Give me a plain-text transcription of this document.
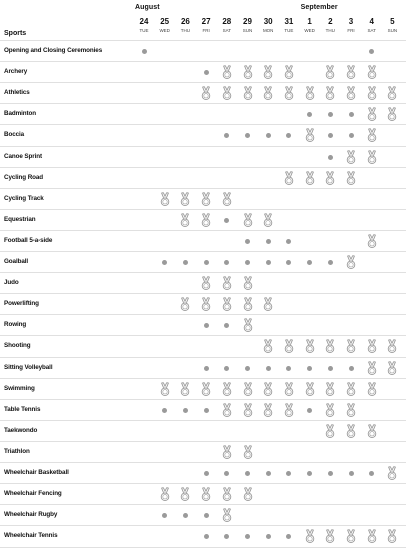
August	September
Sports
24
TUE
25
WED
26
THU
27
FRI
28
SAT
29
SUN
30
MON
31
TUE
1
WED
2
THU
3
FRI
4
SAT
5
SUN
Opening and Closing Ceremonies
Archery
Athletics
Badminton
Boccia
Canoe Sprint
Cycling Road
Cycling Track
Equestrian
Football 5-a-side
Goalball
Judo
Powerlifting
Rowing
Shooting
Sitting Volleyball
Swimming
Table Tennis
Taekwondo
Triathlon
Wheelchair Basketball
Wheelchair Fencing
Wheelchair Rugby
Wheelchair Tennis
